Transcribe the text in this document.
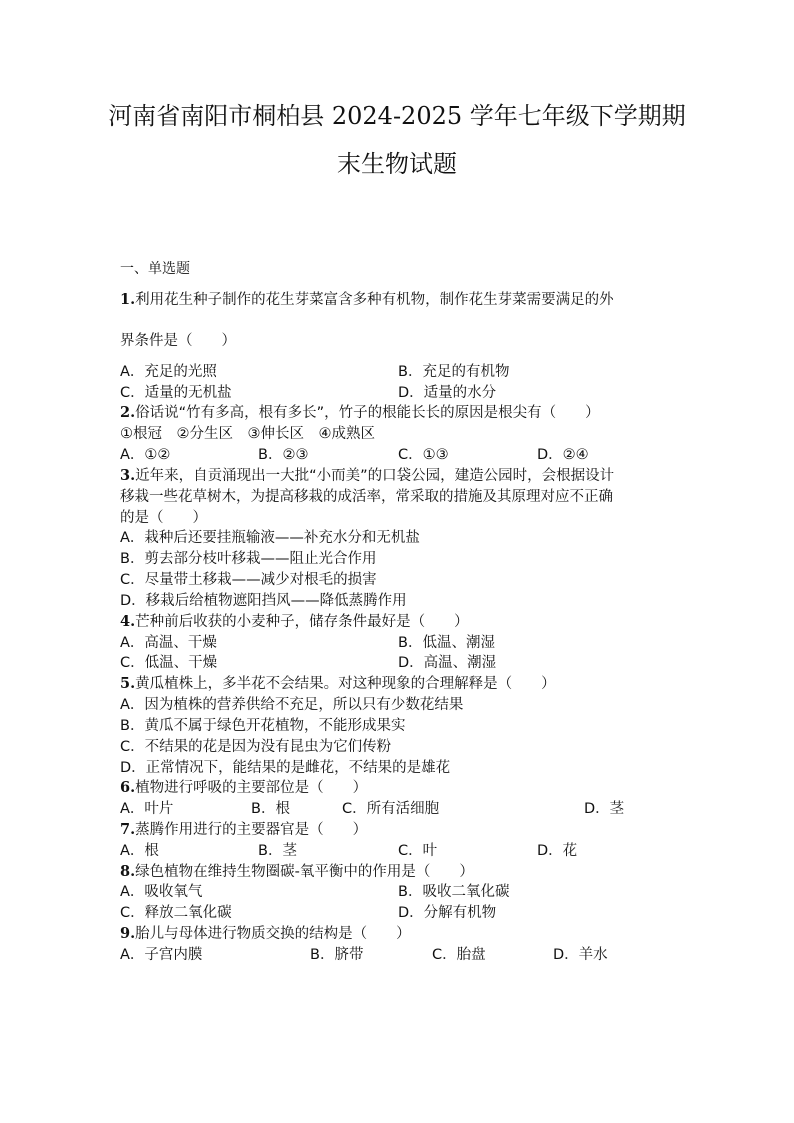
河南省南阳市桐柏县 2024-2025 学年七年级下学期期
末生物试题
一、单选题
1.利用花生种子制作的花生芽菜富含多种有机物，制作花生芽菜需要满足的外
界条件是（　　）
A．充足的光照	B．充足的有机物
C．适量的无机盐	D．适量的水分
2.俗话说“竹有多高，根有多长”，竹子的根能长长的原因是根尖有（　　）
①根冠　②分生区　③伸长区　④成熟区
A．①②	B．②③	C．①③	D．②④
3.近年来，自贡涌现出一大批“小而美”的口袋公园，建造公园时，会根据设计
移栽一些花草树木，为提高移栽的成活率，常采取的措施及其原理对应不正确
的是（　　）
A．栽种后还要挂瓶输液——补充水分和无机盐
B．剪去部分枝叶移栽——阻止光合作用
C．尽量带土移栽——减少对根毛的损害
D．移栽后给植物遮阳挡风——降低蒸腾作用
4.芒种前后收获的小麦种子，储存条件最好是（　　）
A．高温、干燥	B．低温、潮湿
C．低温、干燥	D．高温、潮湿
5.黄瓜植株上，多半花不会结果。对这种现象的合理解释是（　　）
A．因为植株的营养供给不充足，所以只有少数花结果
B．黄瓜不属于绿色开花植物，不能形成果实
C．不结果的花是因为没有昆虫为它们传粉
D．正常情况下，能结果的是雌花，不结果的是雄花
6.植物进行呼吸的主要部位是（　　）
A．叶片	B．根	C．所有活细胞	D．茎
7.蒸腾作用进行的主要器官是（　　）
A．根	B．茎	C．叶	D．花
8.绿色植物在维持生物圈碳-氧平衡中的作用是（　　）
A．吸收氧气	B．吸收二氧化碳
C．释放二氧化碳	D．分解有机物
9.胎儿与母体进行物质交换的结构是（　　）
A．子宫内膜	B．脐带	C．胎盘	D．羊水
